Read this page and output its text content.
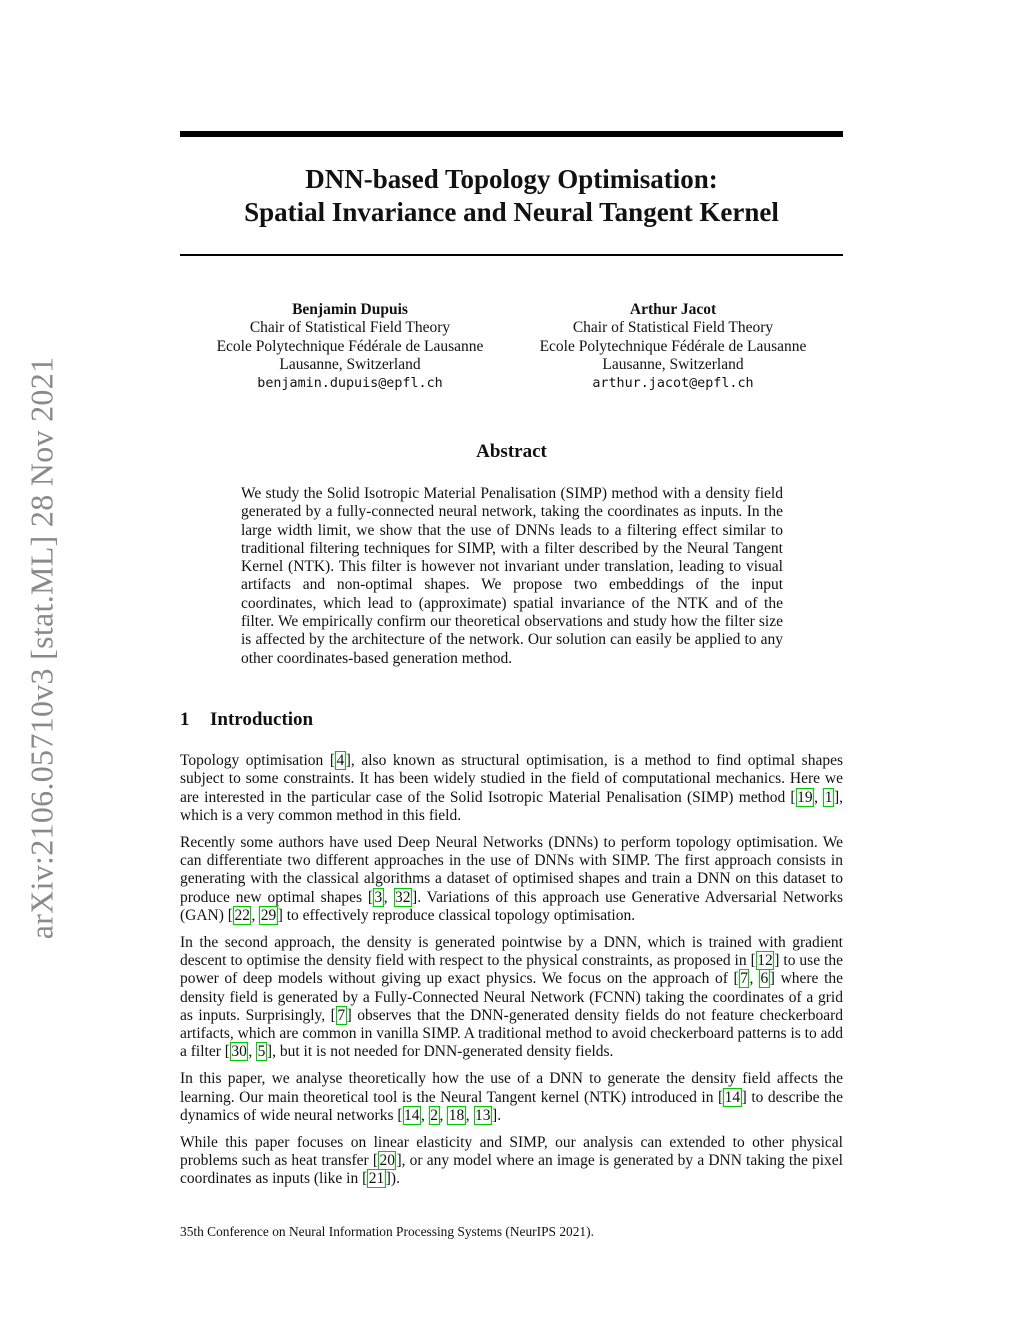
arXiv:2106.05710v3 [stat.ML] 28 Nov 2021
DNN-based Topology Optimisation:
Spatial Invariance and Neural Tangent Kernel
Benjamin Dupuis
Chair of Statistical Field Theory
Ecole Polytechnique Fédérale de Lausanne
Lausanne, Switzerland
benjamin.dupuis@epfl.ch
Arthur Jacot
Chair of Statistical Field Theory
Ecole Polytechnique Fédérale de Lausanne
Lausanne, Switzerland
arthur.jacot@epfl.ch
Abstract

We study the Solid Isotropic Material Penalisation (SIMP) method with a density field generated by a fully-connected neural network, taking the coordinates as inputs. In the large width limit, we show that the use of DNNs leads to a filtering effect similar to traditional filtering techniques for SIMP, with a filter described by the Neural Tangent Kernel (NTK). This filter is however not invariant under translation, leading to visual artifacts and non-optimal shapes. We propose two embeddings of the input coordinates, which lead to (approximate) spatial invariance of the NTK and of the filter. We empirically confirm our theoretical observations and study how the filter size is affected by the architecture of the network. Our solution can easily be applied to any other coordinates-based generation method.

1 Introduction

Topology optimisation [4], also known as structural optimisation, is a method to find optimal shapes subject to some constraints. It has been widely studied in the field of computational mechanics. Here we are interested in the particular case of the Solid Isotropic Material Penalisation (SIMP) method [19, 1], which is a very common method in this field.

Recently some authors have used Deep Neural Networks (DNNs) to perform topology optimisation. We can differentiate two different approaches in the use of DNNs with SIMP. The first approach consists in generating with the classical algorithms a dataset of optimised shapes and train a DNN on this dataset to produce new optimal shapes [3, 32]. Variations of this approach use Generative Adversarial Networks (GAN) [22, 29] to effectively reproduce classical topology optimisation.

In the second approach, the density is generated pointwise by a DNN, which is trained with gradient descent to optimise the density field with respect to the physical constraints, as proposed in [12] to use the power of deep models without giving up exact physics. We focus on the approach of [7, 6] where the density field is generated by a Fully-Connected Neural Network (FCNN) taking the coordinates of a grid as inputs. Surprisingly, [7] observes that the DNN-generated density fields do not feature checkerboard artifacts, which are common in vanilla SIMP. A traditional method to avoid checkerboard patterns is to add a filter [30, 5], but it is not needed for DNN-generated density fields.

In this paper, we analyse theoretically how the use of a DNN to generate the density field affects the learning. Our main theoretical tool is the Neural Tangent kernel (NTK) introduced in [14] to describe the dynamics of wide neural networks [14, 2, 18, 13].

While this paper focuses on linear elasticity and SIMP, our analysis can extended to other physical problems such as heat transfer [20], or any model where an image is generated by a DNN taking the pixel coordinates as inputs (like in [21]).

35th Conference on Neural Information Processing Systems (NeurIPS 2021).
